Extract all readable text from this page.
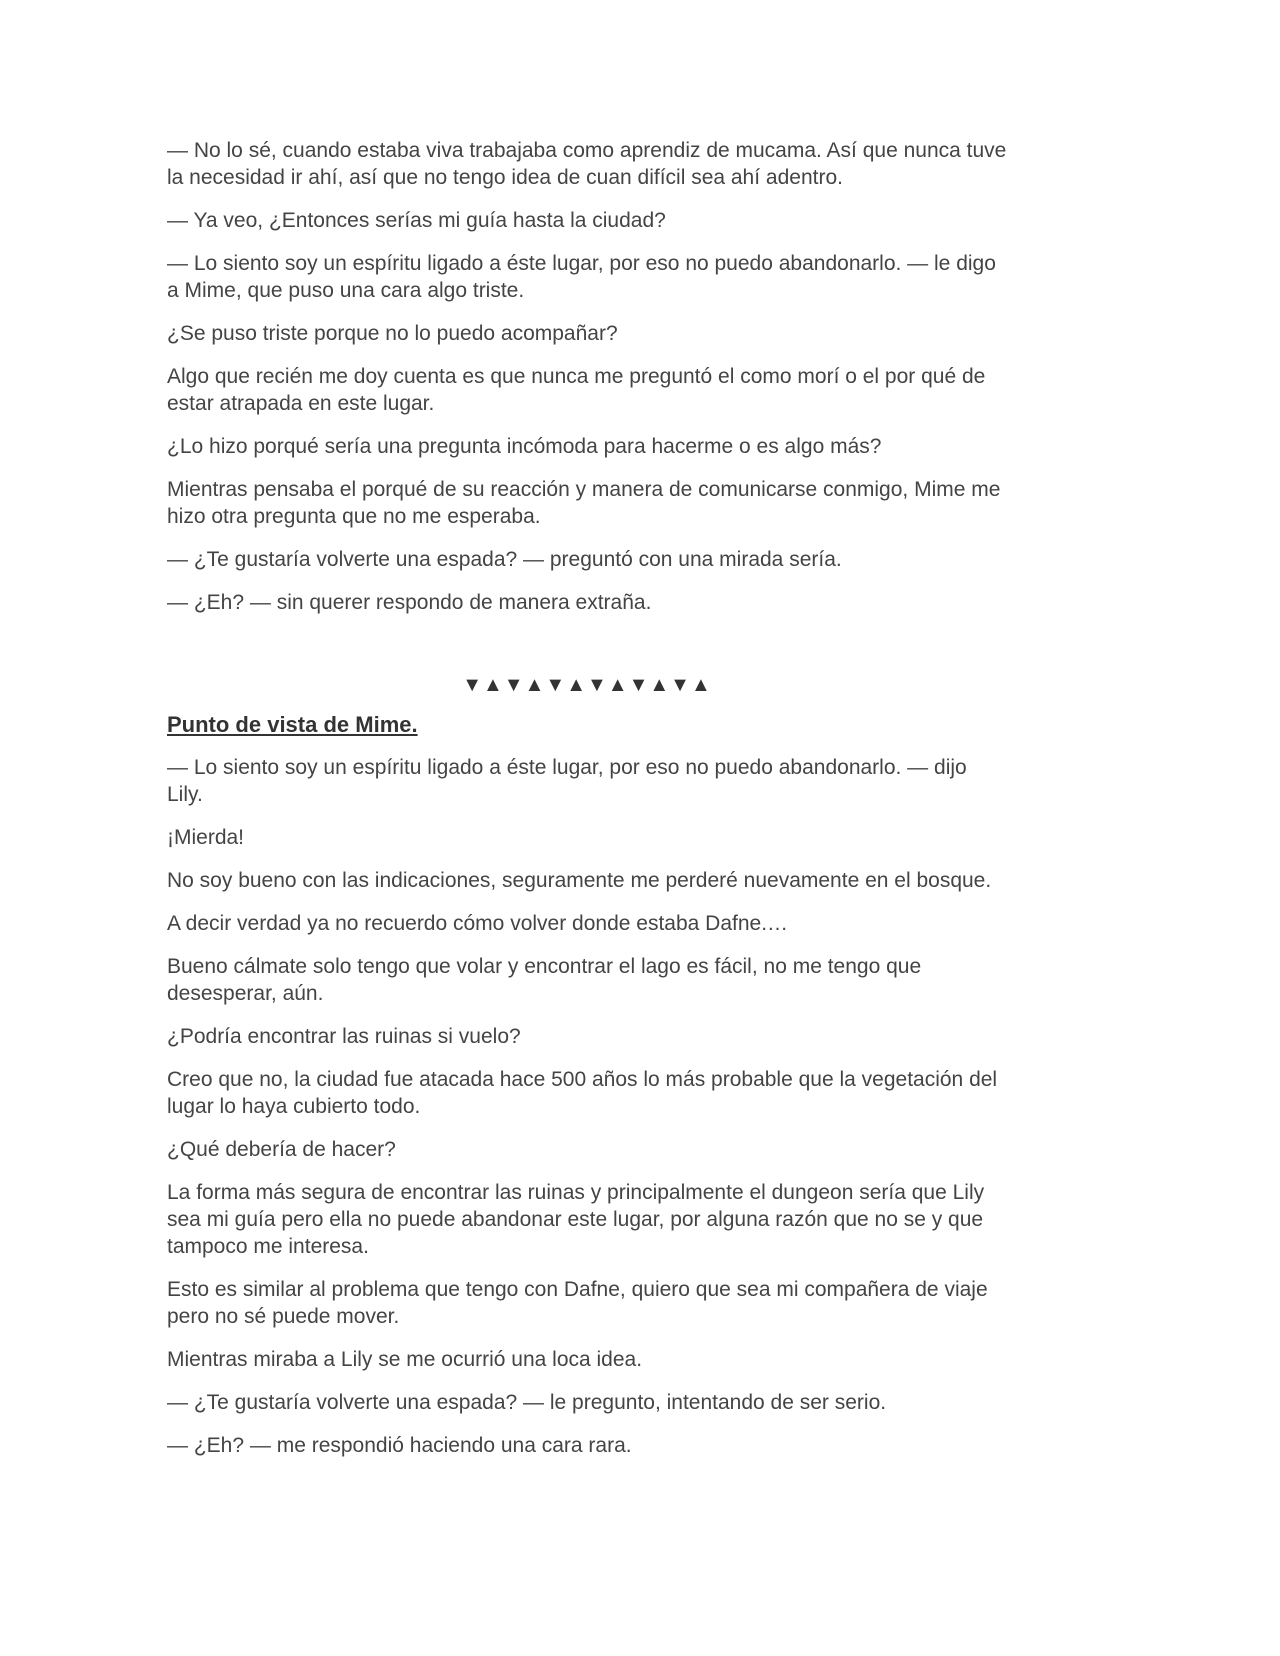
— No lo sé, cuando estaba viva trabajaba como aprendiz de mucama. Así que nunca tuve la necesidad ir ahí, así que no tengo idea de cuan difícil sea ahí adentro.

— Ya veo, ¿Entonces serías mi guía hasta la ciudad?

— Lo siento soy un espíritu ligado a éste lugar, por eso no puedo abandonarlo. — le digo a Mime, que puso una cara algo triste.

¿Se puso triste porque no lo puedo acompañar?

Algo que recién me doy cuenta es que nunca me preguntó el como morí o el por qué de estar atrapada en este lugar.

¿Lo hizo porqué sería una pregunta incómoda para hacerme o es algo más?

Mientras pensaba el porqué de su reacción y manera de comunicarse conmigo, Mime me hizo otra pregunta que no me esperaba.

— ¿Te gustaría volverte una espada? — preguntó con una mirada sería.

— ¿Eh? — sin querer respondo de manera extraña.

▼▲▼▲▼▲▼▲▼▲▼▲

Punto de vista de Mime.

— Lo siento soy un espíritu ligado a éste lugar, por eso no puedo abandonarlo. — dijo Lily.

¡Mierda!

No soy bueno con las indicaciones, seguramente me perderé nuevamente en el bosque.

A decir verdad ya no recuerdo cómo volver donde estaba Dafne.…

Bueno cálmate solo tengo que volar y encontrar el lago es fácil, no me tengo que desesperar, aún.

¿Podría encontrar las ruinas si vuelo?

Creo que no, la ciudad fue atacada hace 500 años lo más probable que la vegetación del lugar lo haya cubierto todo.

¿Qué debería de hacer?

La forma más segura de encontrar las ruinas y principalmente el dungeon sería que Lily sea mi guía pero ella no puede abandonar este lugar, por alguna razón que no se y que tampoco me interesa.

Esto es similar al problema que tengo con Dafne, quiero que sea mi compañera de viaje pero no sé puede mover.

Mientras miraba a Lily se me ocurrió una loca idea.

— ¿Te gustaría volverte una espada? — le pregunto, intentando de ser serio.

— ¿Eh? — me respondió haciendo una cara rara.
